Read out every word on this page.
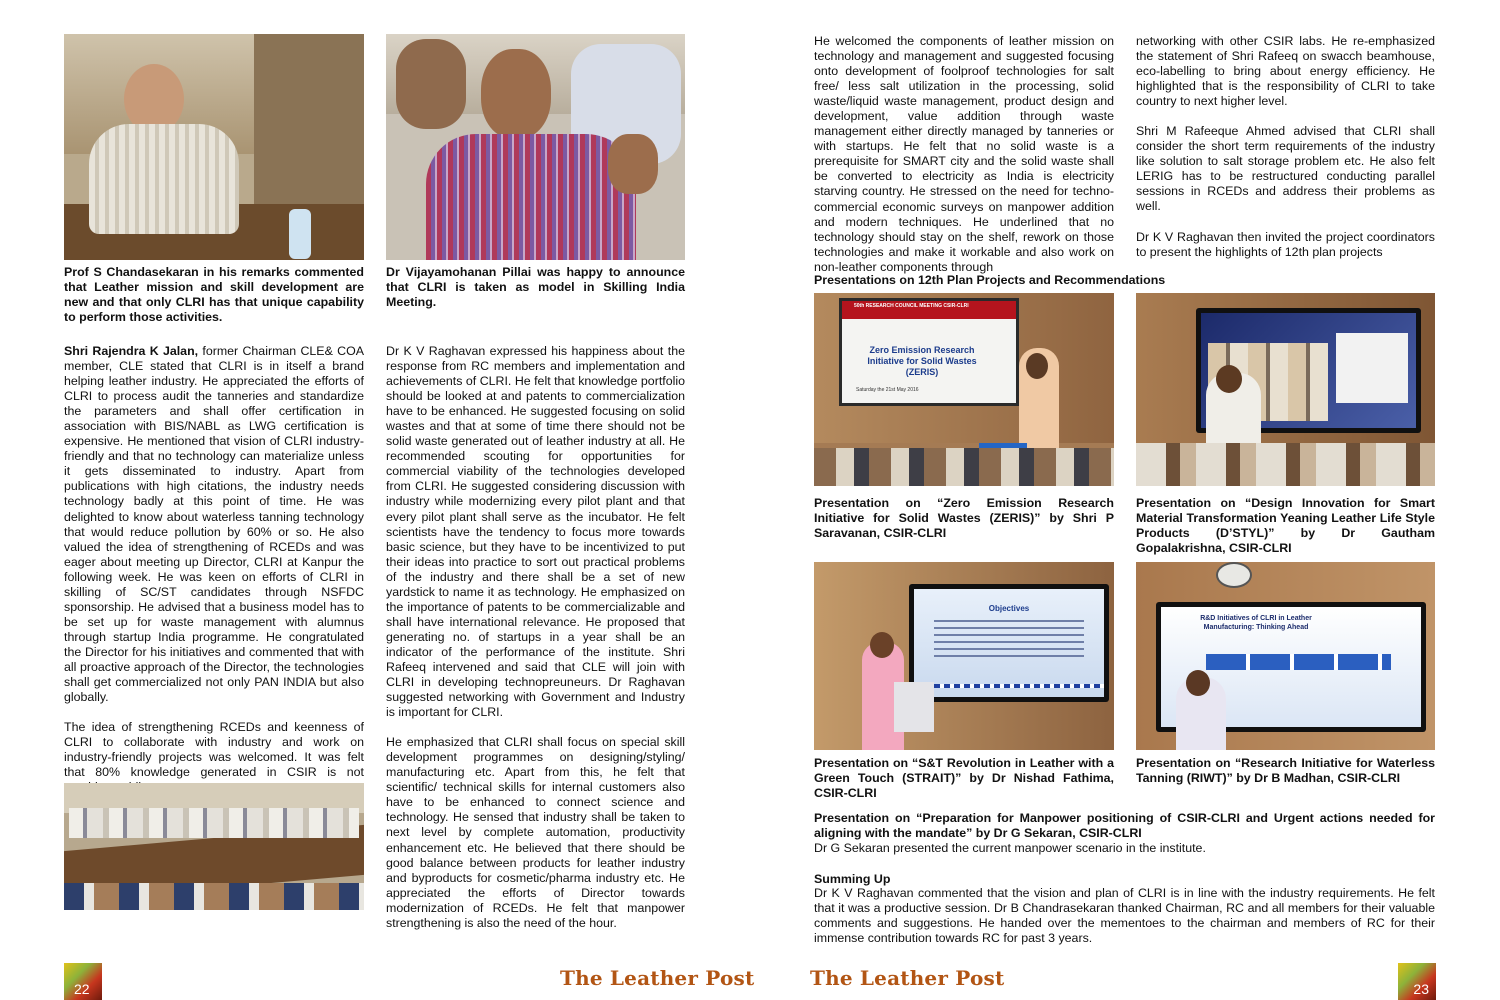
Prof S Chandasekaran in his remarks commented that Leather mission and skill development are new and that only CLRI has that unique capability to perform those activities.
Dr Vijayamohanan Pillai was happy to announce that CLRI is taken as model in Skilling India Meeting.

Shri Rajendra K Jalan, former Chairman CLE& COA member, CLE stated that CLRI is in itself a brand helping leather industry. He appreciated the efforts of CLRI to process audit the tanneries and standardize the parameters and shall offer certification in association with BIS/NABL as LWG certification is expensive. He mentioned that vision of CLRI industry-friendly and that no technology can materialize unless it gets disseminated to industry. Apart from publications with high citations, the industry needs technology badly at this point of time. He was delighted to know about waterless tanning technology that would reduce pollution by 60% or so. He also valued the idea of strengthening of RCEDs and was eager about meeting up Director, CLRI at Kanpur the following week. He was keen on efforts of CLRI in skilling of SC/ST candidates through NSFDC sponsorship. He advised that a business model has to be set up for waste management with alumnus through startup India programme. He congratulated the Director for his initiatives and commented that with all proactive approach of the Director, the technologies shall get commercialized not only PAN INDIA but also globally.

The idea of strengthening RCEDs and keenness of CLRI to collaborate with industry and work on industry-friendly projects was welcomed. It was felt that 80% knowledge generated in CSIR is not

Dr K V Raghavan expressed his happiness about the response from RC members and implementation and achievements of CLRI. He felt that knowledge portfolio should be looked at and patents to commercialization have to be enhanced. He suggested focusing on solid wastes and that at some of time there should not be solid waste generated out of leather industry at all. He recommended scouting for opportunities for commercial viability of the technologies developed from CLRI. He suggested considering discussion with industry while modernizing every pilot plant and that every pilot plant shall serve as the incubator. He felt scientists have the tendency to focus more towards basic science, but they have to be incentivized to put their ideas into practice to sort out practical problems of the industry and there shall be a set of new yardstick to name it as technology. He emphasized on the importance of patents to be commercializable and shall have international relevance. He proposed that generating no. of startups in a year shall be an indicator of the performance of the institute. Shri Rafeeq intervened and said that CLE will join with CLRI in developing technopreuneurs. Dr Raghavan suggested networking with Government and Industry is important for CLRI.

He emphasized that CLRI shall focus on special skill development programmes on designing/styling/ manufacturing etc. Apart from this, he felt that scientific/ technical skills for internal customers also have to be enhanced to connect science and technology. He sensed that industry shall be taken to next level by complete automation, productivity enhancement etc. He believed that there should be good balance between products for leather industry and byproducts for cosmetic/pharma industry etc. He appreciated the efforts of Director towards modernization of RCEDs. He felt that manpower strengthening is also the need of the hour.

22	The Leather Post
He welcomed the components of leather mission on technology and management and suggested focusing onto development of foolproof technologies for salt free/ less salt utilization in the processing, solid waste/liquid waste management, product design and development, value addition through waste management either directly managed by tanneries or with startups. He felt that no solid waste is a prerequisite for SMART city and the solid waste shall be converted to electricity as India is electricity starving country. He stressed on the need for techno-commercial economic surveys on manpower addition and modern techniques. He underlined that no technology should stay on the shelf, rework on those technologies and make it workable and also work on non-leather components through

networking with other CSIR labs. He re-emphasized the statement of Shri Rafeeq on swacch beamhouse, eco-labelling to bring about energy efficiency. He highlighted that is the responsibility of CLRI to take country to next higher level.

Shri M Rafeeque Ahmed advised that CLRI shall consider the short term requirements of the industry like solution to salt storage problem etc. He also felt LERIG has to be restructured conducting parallel sessions in RCEDs and address their problems as well.

Dr K V Raghavan then invited the project coordinators to present the highlights of 12th plan projects

Presentations on 12th Plan Projects and Recommendations
50th RESEARCH COUNCIL MEETING CSIR-CLRI
Zero Emission Research Initiative for Solid Wastes (ZERIS)
Saturday the 21st May 2016
Presentation on “Zero Emission Research Initiative for Solid Wastes (ZERIS)” by Shri P Saravanan, CSIR-CLRI
Presentation on “Design Innovation for Smart Material Transformation Yeaning Leather Life Style Products (D’STYL)” by Dr Gautham Gopalakrishna, CSIR-CLRI
Objectives
R&D Initiatives of CLRI in Leather Manufacturing: Thinking Ahead
Presentation on “S&T Revolution in Leather with a Green Touch (STRAIT)” by Dr Nishad Fathima, CSIR-CLRI
Presentation on “Research Initiative for Waterless Tanning (RIWT)” by Dr B Madhan, CSIR-CLRI
Presentation on “Preparation for Manpower positioning of CSIR-CLRI and Urgent actions needed for aligning with the mandate” by Dr G Sekaran, CSIR-CLRI
Dr G Sekaran presented the current manpower scenario in the institute.
Summing Up
Dr K V Raghavan commented that the vision and plan of CLRI is in line with the industry requirements. He felt that it was a productive session. Dr B Chandrasekaran thanked Chairman, RC and all members for their valuable comments and suggestions. He handed over the mementoes to the chairman and members of RC for their immense contribution towards RC for past 3 years.
The Leather Post	23
